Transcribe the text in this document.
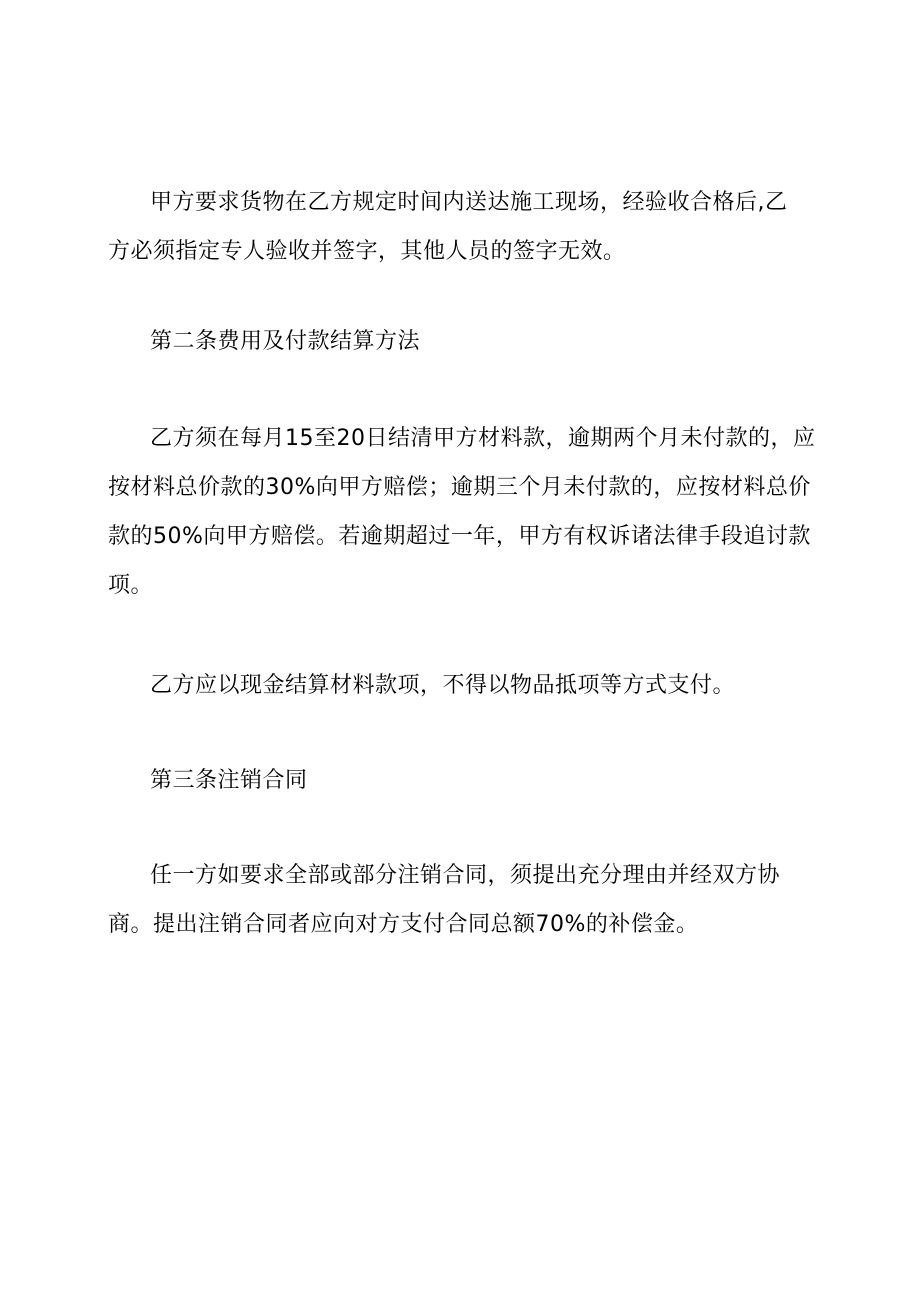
甲方要求货物在乙方规定时间内送达施工现场，经验收合格后,乙
方必须指定专人验收并签字，其他人员的签字无效。

第二条费用及付款结算方法

乙方须在每月15至20日结清甲方材料款，逾期两个月未付款的，应
按材料总价款的30%向甲方赔偿；逾期三个月未付款的，应按材料总价
款的50%向甲方赔偿。若逾期超过一年，甲方有权诉诸法律手段追讨款
项。

乙方应以现金结算材料款项，不得以物品抵项等方式支付。

第三条注销合同

任一方如要求全部或部分注销合同，须提出充分理由并经双方协
商。提出注销合同者应向对方支付合同总额70%的补偿金。
